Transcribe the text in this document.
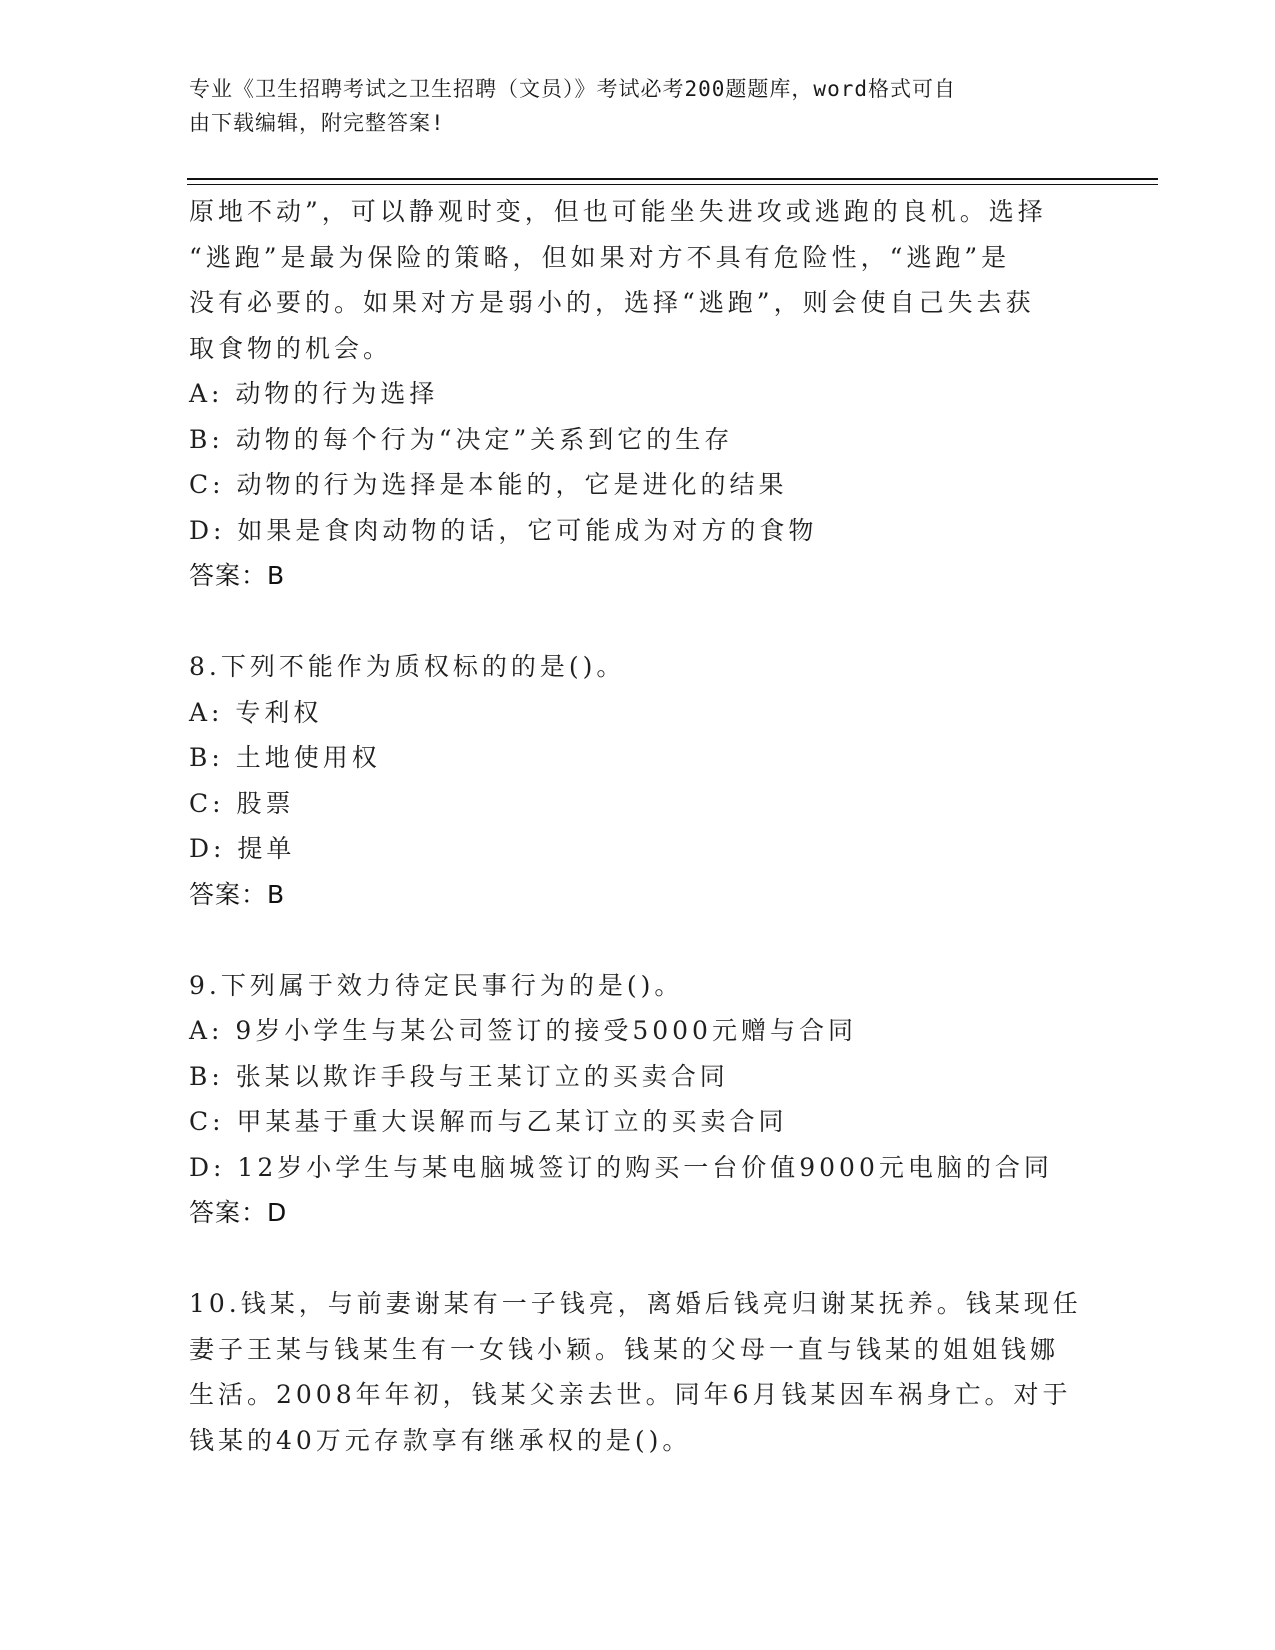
专业《卫生招聘考试之卫生招聘（文员）》考试必考200题题库，word格式可自
由下载编辑，附完整答案!
原地不动”，可以静观时变，但也可能坐失进攻或逃跑的良机。选择
“逃跑”是最为保险的策略，但如果对方不具有危险性，“逃跑”是
没有必要的。如果对方是弱小的，选择“逃跑”，则会使自己失去获
取食物的机会。
A: 动物的行为选择
B: 动物的每个行为“决定”关系到它的生存
C: 动物的行为选择是本能的，它是进化的结果
D: 如果是食肉动物的话，它可能成为对方的食物
答案：B
8.下列不能作为质权标的的是()。
A: 专利权
B: 土地使用权
C: 股票
D: 提单
答案：B
9.下列属于效力待定民事行为的是()。
A: 9岁小学生与某公司签订的接受5000元赠与合同
B: 张某以欺诈手段与王某订立的买卖合同
C: 甲某基于重大误解而与乙某订立的买卖合同
D: 12岁小学生与某电脑城签订的购买一台价值9000元电脑的合同
答案：D
10.钱某，与前妻谢某有一子钱亮，离婚后钱亮归谢某抚养。钱某现任
妻子王某与钱某生有一女钱小颖。钱某的父母一直与钱某的姐姐钱娜
生活。2008年年初，钱某父亲去世。同年6月钱某因车祸身亡。对于
钱某的40万元存款享有继承权的是()。
